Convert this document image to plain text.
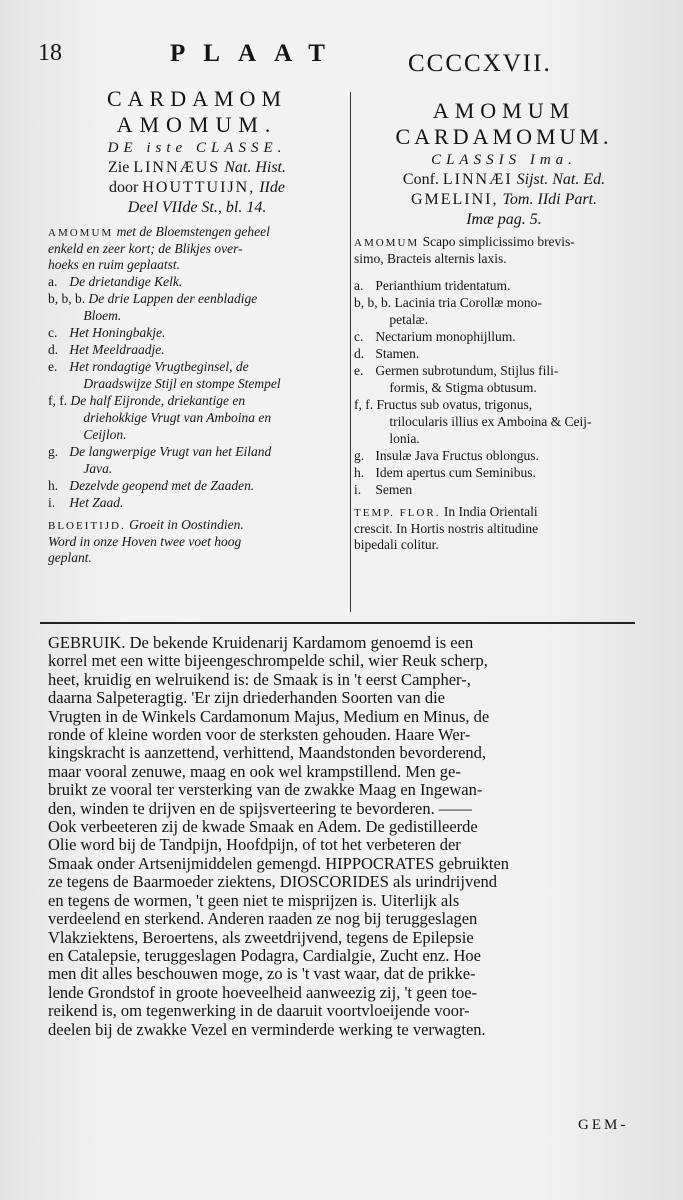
18	PLAAT	CCCCXVII.
CARDAMOM
AMOMUM.
DE iste CLASSE.
Zie LINNÆUS Nat. Hist.
door HOUTTUIJN, IIde
Deel VIIde St., bl. 14.
AMOMUM met de Bloemstengen geheel
enkeld en zeer kort; de Blikjes over-
hoeks en ruim geplaatst.
a. De drietandige Kelk.
b, b, b. De drie Lappen der eenbladige
Bloem.
c. Het Honingbakje.
d. Het Meeldraadje.
e. Het rondagtige Vrugtbeginsel, de
Draadswijze Stijl en stompe Stempel
f, f. De half Eijronde, driekantige en
driehokkige Vrugt van Amboina en
Ceijlon.
g. De langwerpige Vrugt van het Eiland
Java.
h. Dezelvde geopend met de Zaaden.
i. Het Zaad.
BLOEITIJD. Groeit in Oostindien.
Word in onze Hoven twee voet hoog
geplant.
AMOMUM
CARDAMOMUM.
CLASSIS Ima.
Conf. LINNÆI Sijst. Nat. Ed.
GMELINI, Tom. IIdi Part.
Imæ pag. 5.
AMOMUM Scapo simplicissimo brevis-
simo, Bracteis alternis laxis.
a. Perianthium tridentatum.
b, b, b. Lacinia tria Corollæ mono-
petalæ.
c. Nectarium monophijllum.
d. Stamen.
e. Germen subrotundum, Stijlus fili-
formis, & Stigma obtusum.
f, f. Fructus sub ovatus, trigonus,
trilocularis illius ex Amboina & Ceij-
lonia.
g. Insulæ Java Fructus oblongus.
h. Idem apertus cum Seminibus.
i. Semen
TEMP. FLOR. In India Orientali
crescit. In Hortis nostris altitudine
bipedali colitur.
GEBRUIK. De bekende Kruidenarij Kardamom genoemd is een
korrel met een witte bijeengeschrompelde schil, wier Reuk scherp,
heet, kruidig en welruikend is: de Smaak is in 't eerst Campher-,
daarna Salpeteragtig. 'Er zijn driederhanden Soorten van die
Vrugten in de Winkels Cardamonum Majus, Medium en Minus, de
ronde of kleine worden voor de sterksten gehouden. Haare Wer-
kingskracht is aanzettend, verhittend, Maandstonden bevorderend,
maar vooral zenuwe, maag en ook wel krampstillend. Men ge-
bruikt ze vooral ter versterking van de zwakke Maag en Ingewan-
den, winden te drijven en de spijsverteering te bevorderen. ——
Ook verbeeteren zij de kwade Smaak en Adem. De gedistilleerde
Olie word bij de Tandpijn, Hoofdpijn, of tot het verbeteren der
Smaak onder Artsenijmiddelen gemengd. HIPPOCRATES gebruikten
ze tegens de Baarmoeder ziektens, DIOSCORIDES als urindrijvend
en tegens de wormen, 't geen niet te misprijzen is. Uiterlijk als
verdeelend en sterkend. Anderen raaden ze nog bij teruggeslagen
Vlakziektens, Beroertens, als zweetdrijvend, tegens de Epilepsie
en Catalepsie, teruggeslagen Podagra, Cardialgie, Zucht enz. Hoe
men dit alles beschouwen moge, zo is 't vast waar, dat de prikke-
lende Grondstof in groote hoeveelheid aanweezig zij, 't geen toe-
reikend is, om tegenwerking in de daaruit voortvloeijende voor-
deelen bij de zwakke Vezel en verminderde werking te verwagten.
GEM-
